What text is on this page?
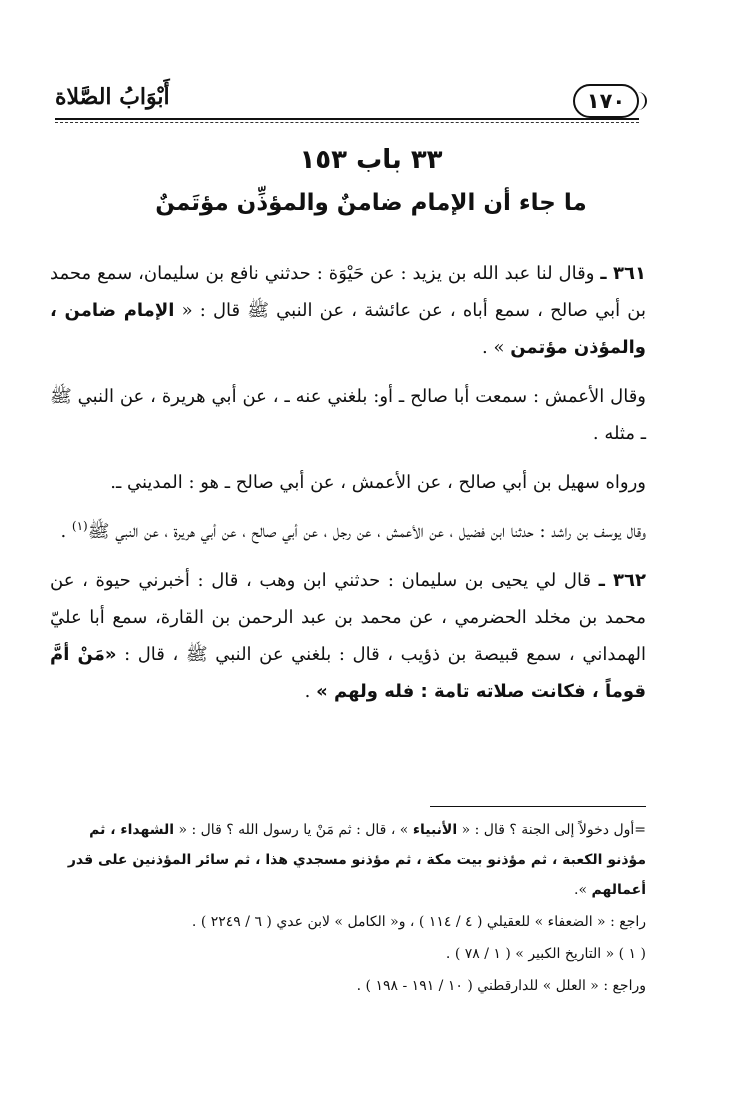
١٧٠
أَبْوَابُ الصَّلاة
٣٣ باب ١٥٣
ما جاء أن الإمام ضامنٌ والمؤذِّن مؤتَمنٌ

٣٦١ ـ وقال لنا عبد الله بن يزيد : عن حَيْوَة : حدثني نافع بن سليمان، سمع محمد بن أبي صالح ، سمع أباه ، عن عائشة ، عن النبي ﷺ قال : « الإمام ضامن ، والمؤذن مؤتمن » .

وقال الأعمش : سمعت أبا صالح ـ أو: بلغني عنه ـ ، عن أبي هريرة ، عن النبي ﷺ ـ مثله .

ورواه سهيل بن أبي صالح ، عن الأعمش ، عن أبي صالح ـ هو : المديني ـ.

وقال يوسف بن راشد : حدثنا ابن فضيل ، عن الأعمش ، عن رجل ، عن أبي صالح ، عن أبي هريرة ، عن النبي ﷺ$^{(١)}$ .

٣٦٢ ـ قال لي يحيى بن سليمان : حدثني ابن وهب ، قال : أخبرني حيوة ، عن محمد بن مخلد الحضرمي ، عن محمد بن عبد الرحمن بن القارة، سمع أبا عليّ الهمداني ، سمع قبيصة بن ذؤيب ، قال : بلغني عن النبي ﷺ ، قال : «مَنْ أمَّ قوماً ، فكانت صلاته تامة : فله ولهم » .

=أول دخولاً إلى الجنة ؟ قال : « الأنبياء » ، قال : ثم مَنْ يا رسول الله ؟ قال : « الشهداء ، ثم مؤذنو الكعبة ، ثم مؤذنو بيت مكة ، ثم مؤذنو مسجدي هذا ، ثم سائر المؤذنين على قدر أعمالهم ».

راجع : « الضعفاء » للعقيلي ( ٤ / ١١٤ ) ، و« الكامل » لابن عدي ( ٦ / ٢٢٤٩ ) .

( ١ ) « التاريخ الكبير » ( ١ / ٧٨ ) .

وراجع : « العلل » للدارقطني ( ١٠ / ١٩١ - ١٩٨ ) .
